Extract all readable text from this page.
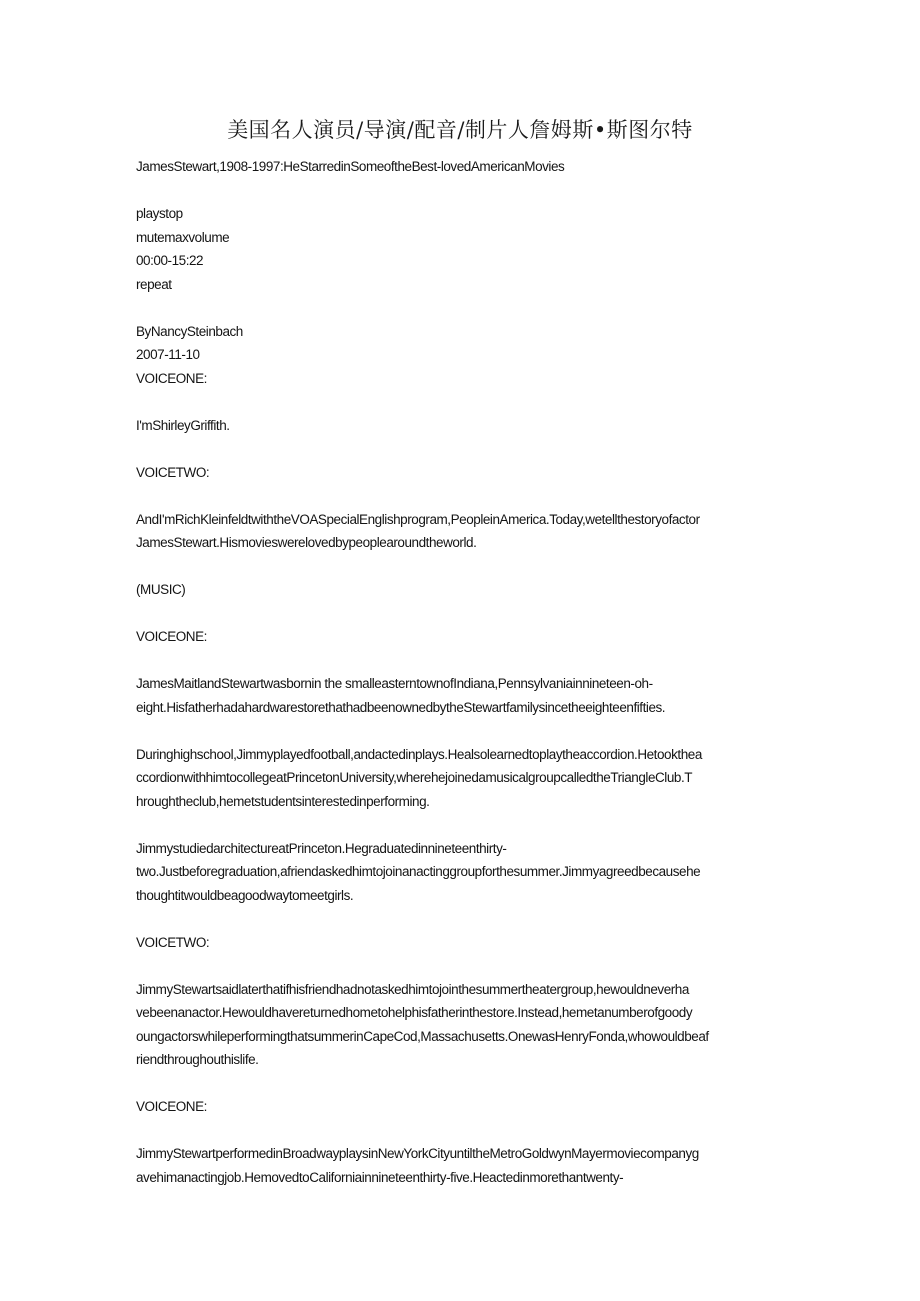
美国名人演员/导演/配音/制片人詹姆斯•斯图尔特
JamesStewart,1908-1997:HeStarredinSomeoftheBest-lovedAmericanMovies
playstop
mutemaxvolume
00:00-15:22
repeat
ByNancySteinbach
2007-11-10
VOICEONE:
I'mShirleyGriffith.
VOICETWO:
AndI'mRichKleinfeldtwiththeVOASpecialEnglishprogram,PeopleinAmerica.Today,wetellthestoryofactor
JamesStewart.Hismovieswerelovedbypeoplearoundtheworld.
(MUSIC)
VOICEONE:
JamesMaitlandStewartwasbornin the smalleasterntownofIndiana,Pennsylvaniainnineteen-oh-
eight.HisfatherhadahardwarestorethathadbeenownedbytheStewartfamilysincetheeighteenfifties.
Duringhighschool,Jimmyplayedfootball,andactedinplays.Healsolearnedtoplaytheaccordion.Hetookthea
ccordionwithhimtocollegeatPrincetonUniversity,wherehejoinedamusicalgroupcalledtheTriangleClub.T
hroughtheclub,hemetstudentsinterestedinperforming.
JimmystudiedarchitectureatPrinceton.Hegraduatedinnineteenthirty-
two.Justbeforegraduation,afriendaskedhimtojoinanactinggroupforthesummer.Jimmyagreedbecausehe
thoughtitwouldbeagoodwaytomeetgirls.
VOICETWO:
JimmyStewartsaidlaterthatifhisfriendhadnotaskedhimtojointhesummertheatergroup,hewouldneverha
vebeenanactor.Hewouldhavereturnedhometohelphisfatherinthestore.Instead,hemetanumberofgoody
oungactorswhileperformingthatsummerinCapeCod,Massachusetts.OnewasHenryFonda,whowouldbeaf
riendthroughouthislife.
VOICEONE:
JimmyStewartperformedinBroadwayplaysinNewYorkCityuntiltheMetroGoldwynMayermoviecompanyg
avehimanactingjob.HemovedtoCaliforniainnineteenthirty-five.Heactedinmorethantwenty-
